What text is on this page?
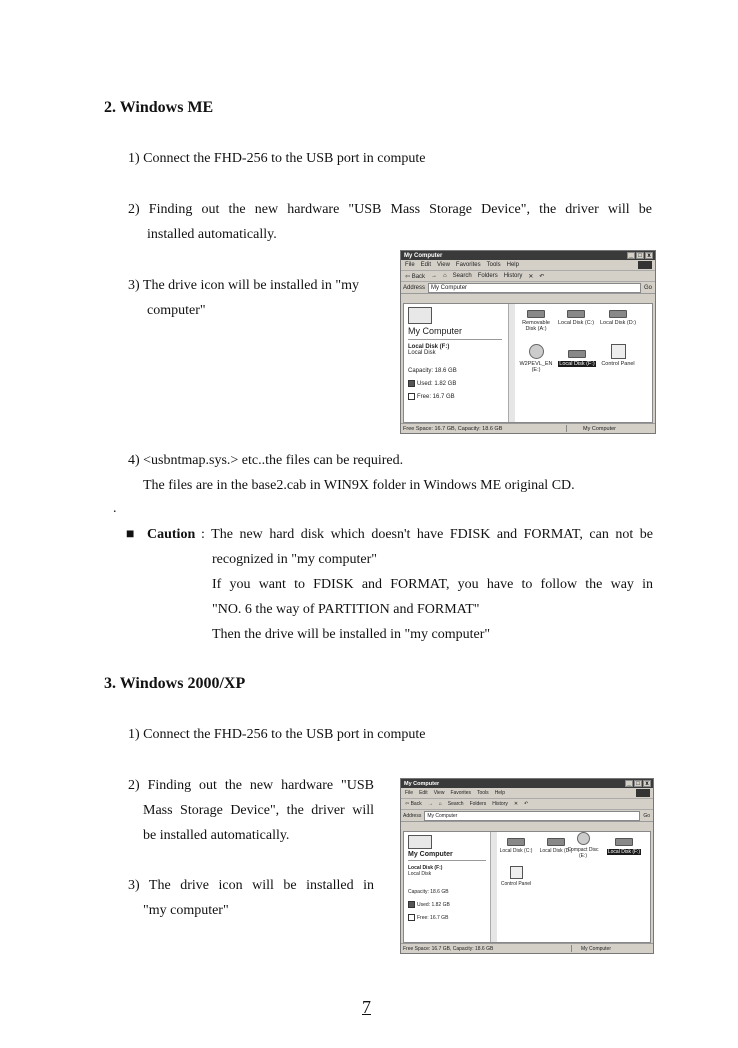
2. Windows ME
1) Connect the FHD-256 to the USB port in compute
2) Finding out the new hardware "USB Mass Storage Device", the driver will be
installed automatically.
3) The drive icon will be installed in "my
computer"
My Computer	_ □ x
File Edit View Favorites Tools Help
⇦ Back → ⌂ Search Folders History ✕ ↶
Address My Computer	Go
My Computer
Local Disk (F:)
Local Disk
Capacity: 18.6 GB
Used: 1.82 GB
Free: 16.7 GB
Removable Disk (A:)
Local Disk (C:)	Local Disk (D:)
W2PEVL_EN (E:)
Local Disk (F:)	Control Panel
Free Space: 16.7 GB, Capacity: 18.6 GB	My Computer
4) <usbntmap.sys.> etc..the files can be required.
The files are in the base2.cab in WIN9X folder in Windows ME original CD.
.
■ Caution : The new hard disk which doesn't have FDISK and FORMAT, can not be
recognized in "my computer"
If you want to FDISK and FORMAT, you have to follow the way in
"NO. 6 the way of PARTITION and FORMAT"
Then the drive will be installed in "my computer"
3. Windows 2000/XP
1) Connect the FHD-256 to the USB port in compute
2) Finding out the new hardware "USB
Mass Storage Device", the driver will
be installed automatically.
3) The drive icon will be installed in
"my computer"
My Computer	_ □ x
File Edit View Favorites Tools Help
⇦ Back → ⌂ Search Folders History ✕ ↶
Address My Computer	Go
My Computer
Local Disk (F:)
Local Disk
Capacity: 18.6 GB
Used: 1.82 GB
Free: 16.7 GB
Local Disk (C:)	Local Disk (D:)
Compact Disc (E:)
Local Disk (F:)
Control Panel
Free Space: 16.7 GB, Capacity: 18.6 GB	My Computer
7
